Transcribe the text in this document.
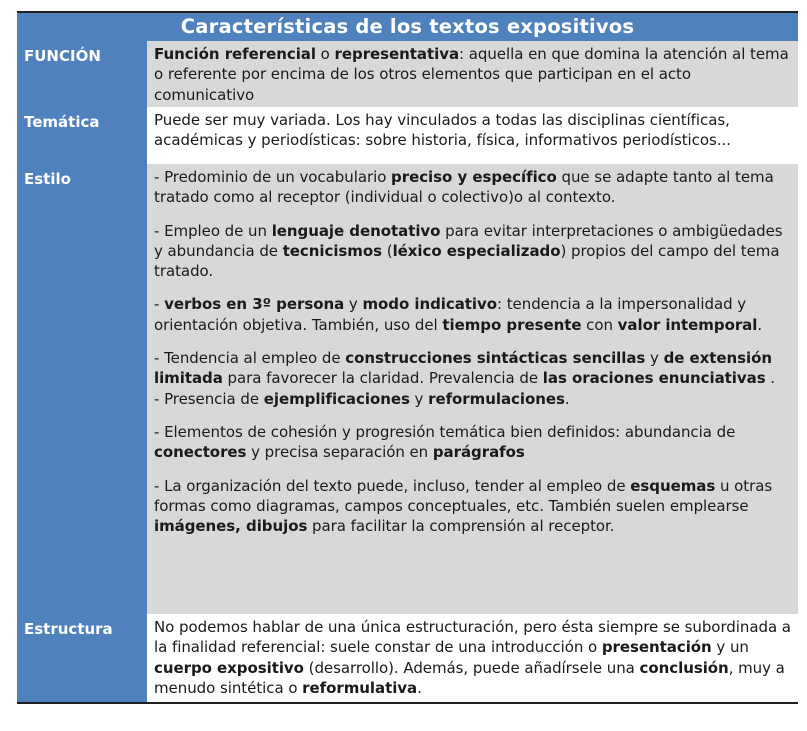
Características de los textos expositivos
FUNCIÓN	Función referencial o representativa: aquella en que domina la atención al tema o referente por encima de los otros elementos que participan en el acto comunicativo

Temática	Puede ser muy variada. Los hay vinculados a todas las disciplinas científicas, académicas y periodísticas: sobre historia, física, informativos periodísticos...

Estilo	- Predominio de un vocabulario preciso y específico que se adapte tanto al tema tratado como al receptor (individual o colectivo)o al contexto.

- Empleo de un lenguaje denotativo para evitar interpretaciones o ambigüedades y abundancia de tecnicismos (léxico especializado) propios del campo del tema tratado.

- verbos en 3º persona y modo indicativo: tendencia a la impersonalidad y orientación objetiva. También, uso del tiempo presente con valor intemporal.

- Tendencia al empleo de construcciones sintácticas sencillas y de extensión limitada para favorecer la claridad. Prevalencia de las oraciones enunciativas .

- Presencia de ejemplificaciones y reformulaciones.

- Elementos de cohesión y progresión temática bien definidos: abundancia de conectores y precisa separación en parágrafos

- La organización del texto puede, incluso, tender al empleo de esquemas u otras formas como diagramas, campos conceptuales, etc. También suelen emplearse imágenes, dibujos para facilitar la comprensión al receptor.

Estructura	No podemos hablar de una única estructuración, pero ésta siempre se subordinada a la finalidad referencial: suele constar de una introducción o presentación y un cuerpo expositivo (desarrollo). Además, puede añadírsele una conclusión, muy a menudo sintética o reformulativa.
